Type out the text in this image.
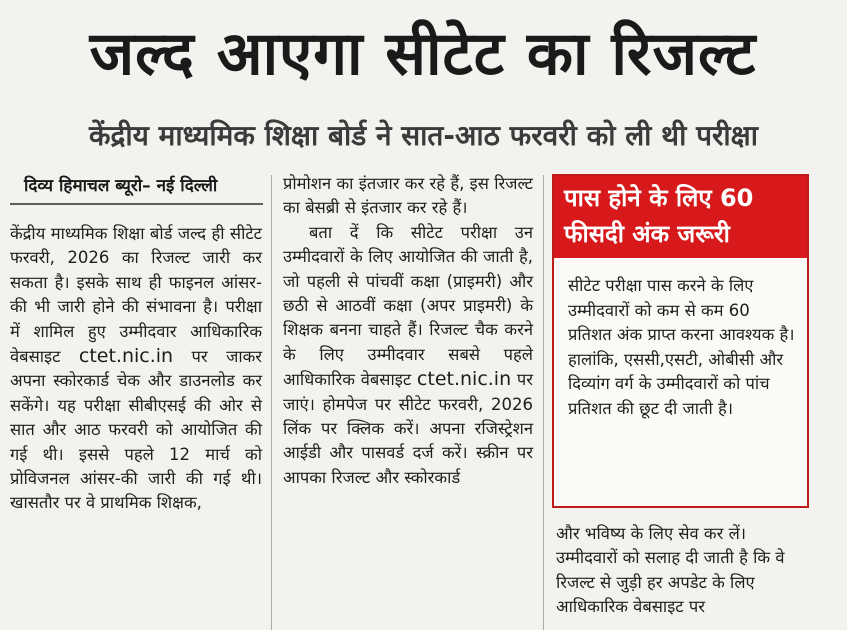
जल्द आएगा सीटेट का रिजल्ट
केंद्रीय माध्यमिक शिक्षा बोर्ड ने सात-आठ फरवरी को ली थी परीक्षा
दिव्य हिमाचल ब्यूरो– नई दिल्ली

केंद्रीय माध्यमिक शिक्षा बोर्ड जल्द ही सीटेट फरवरी, 2026 का रिजल्ट जारी कर सकता है। इसके साथ ही फाइनल आंसर-की भी जारी होने की संभावना है। परीक्षा में शामिल हुए उम्मीदवार आधिकारिक वेबसाइट ctet.nic.in पर जाकर अपना स्कोरकार्ड चेक और डाउनलोड कर सकेंगे। यह परीक्षा सीबीएसई की ओर से सात और आठ फरवरी को आयोजित की गई थी। इससे पहले 12 मार्च को प्रोविजनल आंसर-की जारी की गई थी। खासतौर पर वे प्राथमिक शिक्षक,

प्रोमोशन का इंतजार कर रहे हैं, इस रिजल्ट का बेसब्री से इंतजार कर रहे हैं।

बता दें कि सीटेट परीक्षा उन उम्मीदवारों के लिए आयोजित की जाती है, जो पहली से पांचवीं कक्षा (प्राइमरी) और छठी से आठवीं कक्षा (अपर प्राइमरी) के शिक्षक बनना चाहते हैं। रिजल्ट चैक करने के लिए उम्मीदवार सबसे पहले आधिकारिक वेबसाइट ctet.nic.in पर जाएं। होमपेज पर सीटेट फरवरी, 2026 लिंक पर क्लिक करें। अपना रजिस्ट्रेशन आईडी और पासवर्ड दर्ज करें। स्क्रीन पर आपका रिजल्ट और स्कोरकार्ड

पास होने के लिए 60 फीसदी अंक जरूरी
सीटेट परीक्षा पास करने के लिए उम्मीदवारों को कम से कम 60 प्रतिशत अंक प्राप्त करना आवश्यक है। हालांकि, एससी,एसटी, ओबीसी और दिव्यांग वर्ग के उम्मीदवारों को पांच प्रतिशत की छूट दी जाती है।

और भविष्य के लिए सेव कर लें। उम्मीदवारों को सलाह दी जाती है कि वे रिजल्ट से जुड़ी हर अपडेट के लिए आधिकारिक वेबसाइट पर
